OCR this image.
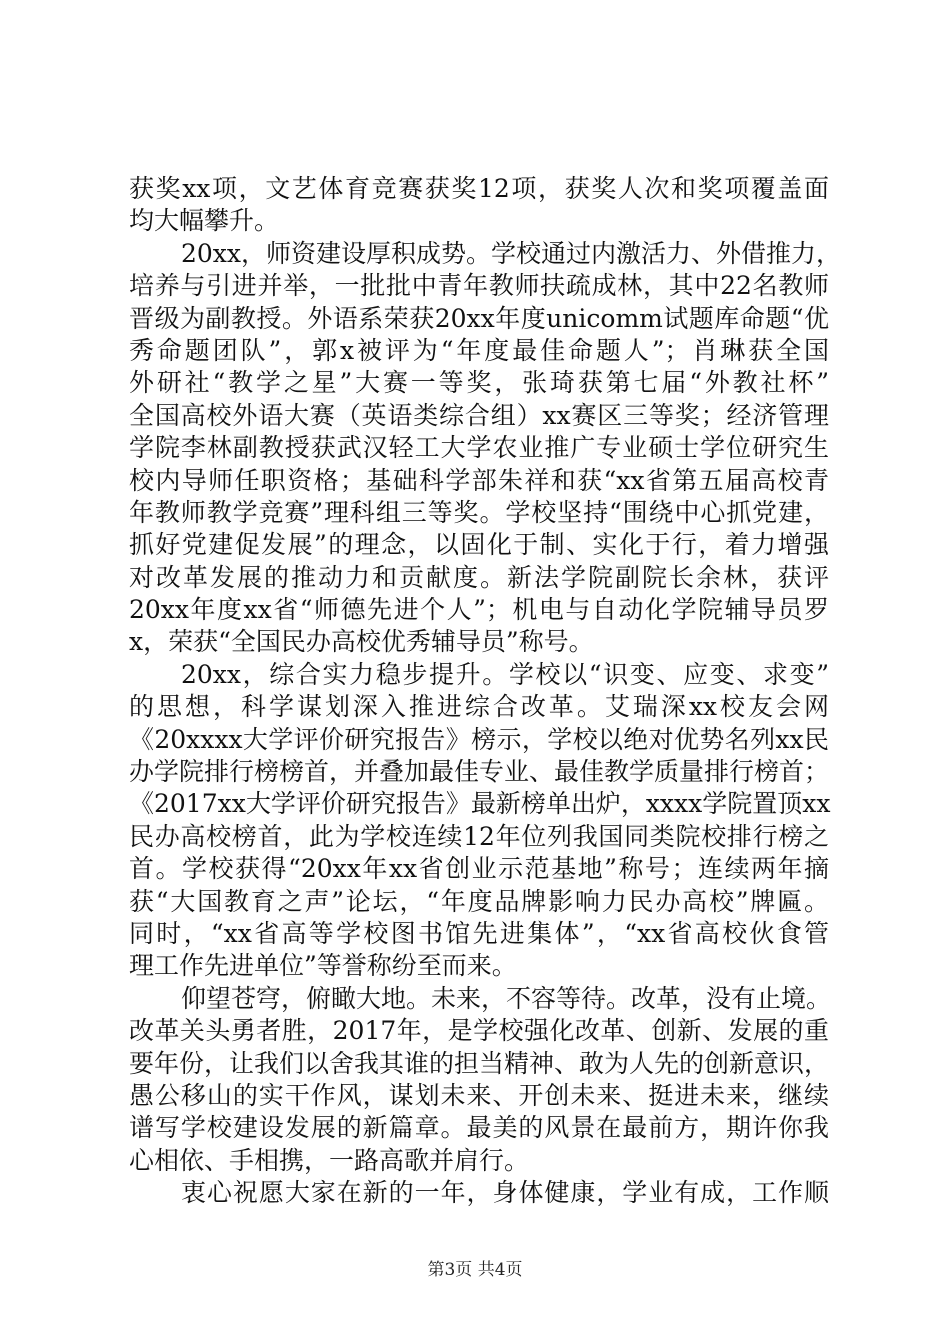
获奖xx项，文艺体育竞赛获奖12项，获奖人次和奖项覆盖面
均大幅攀升。
20xx，师资建设厚积成势。学校通过内激活力、外借推力，
培养与引进并举，一批批中青年教师扶疏成林，其中22名教师
晋级为副教授。外语系荣获20xx年度unicomm试题库命题“优
秀命题团队”，郭x被评为“年度最佳命题人”；肖琳获全国
外研社“教学之星”大赛一等奖，张琦获第七届“外教社杯”
全国高校外语大赛（英语类综合组）xx赛区三等奖；经济管理
学院李林副教授获武汉轻工大学农业推广专业硕士学位研究生
校内导师任职资格；基础科学部朱祥和获“xx省第五届高校青
年教师教学竞赛”理科组三等奖。学校坚持“围绕中心抓党建，
抓好党建促发展”的理念，以固化于制、实化于行，着力增强
对改革发展的推动力和贡献度。新法学院副院长余林，获评
20xx年度xx省“师德先进个人”；机电与自动化学院辅导员罗
x，荣获“全国民办高校优秀辅导员”称号。
20xx，综合实力稳步提升。学校以“识变、应变、求变”
的思想，科学谋划深入推进综合改革。艾瑞深xx校友会网
《20xxxx大学评价研究报告》榜示，学校以绝对优势名列xx民
办学院排行榜榜首，并叠加最佳专业、最佳教学质量排行榜首；
《2017xx大学评价研究报告》最新榜单出炉，xxxx学院置顶xx
民办高校榜首，此为学校连续12年位列我国同类院校排行榜之
首。学校获得“20xx年xx省创业示范基地”称号；连续两年摘
获“大国教育之声”论坛，“年度品牌影响力民办高校”牌匾。
同时，“xx省高等学校图书馆先进集体”，“xx省高校伙食管
理工作先进单位”等誉称纷至而来。
仰望苍穹，俯瞰大地。未来，不容等待。改革，没有止境。
改革关头勇者胜，2017年，是学校强化改革、创新、发展的重
要年份，让我们以舍我其谁的担当精神、敢为人先的创新意识，
愚公移山的实干作风，谋划未来、开创未来、挺进未来，继续
谱写学校建设发展的新篇章。最美的风景在最前方，期许你我
心相依、手相携，一路高歌并肩行。
衷心祝愿大家在新的一年，身体健康，学业有成，工作顺
第3页 共4页
